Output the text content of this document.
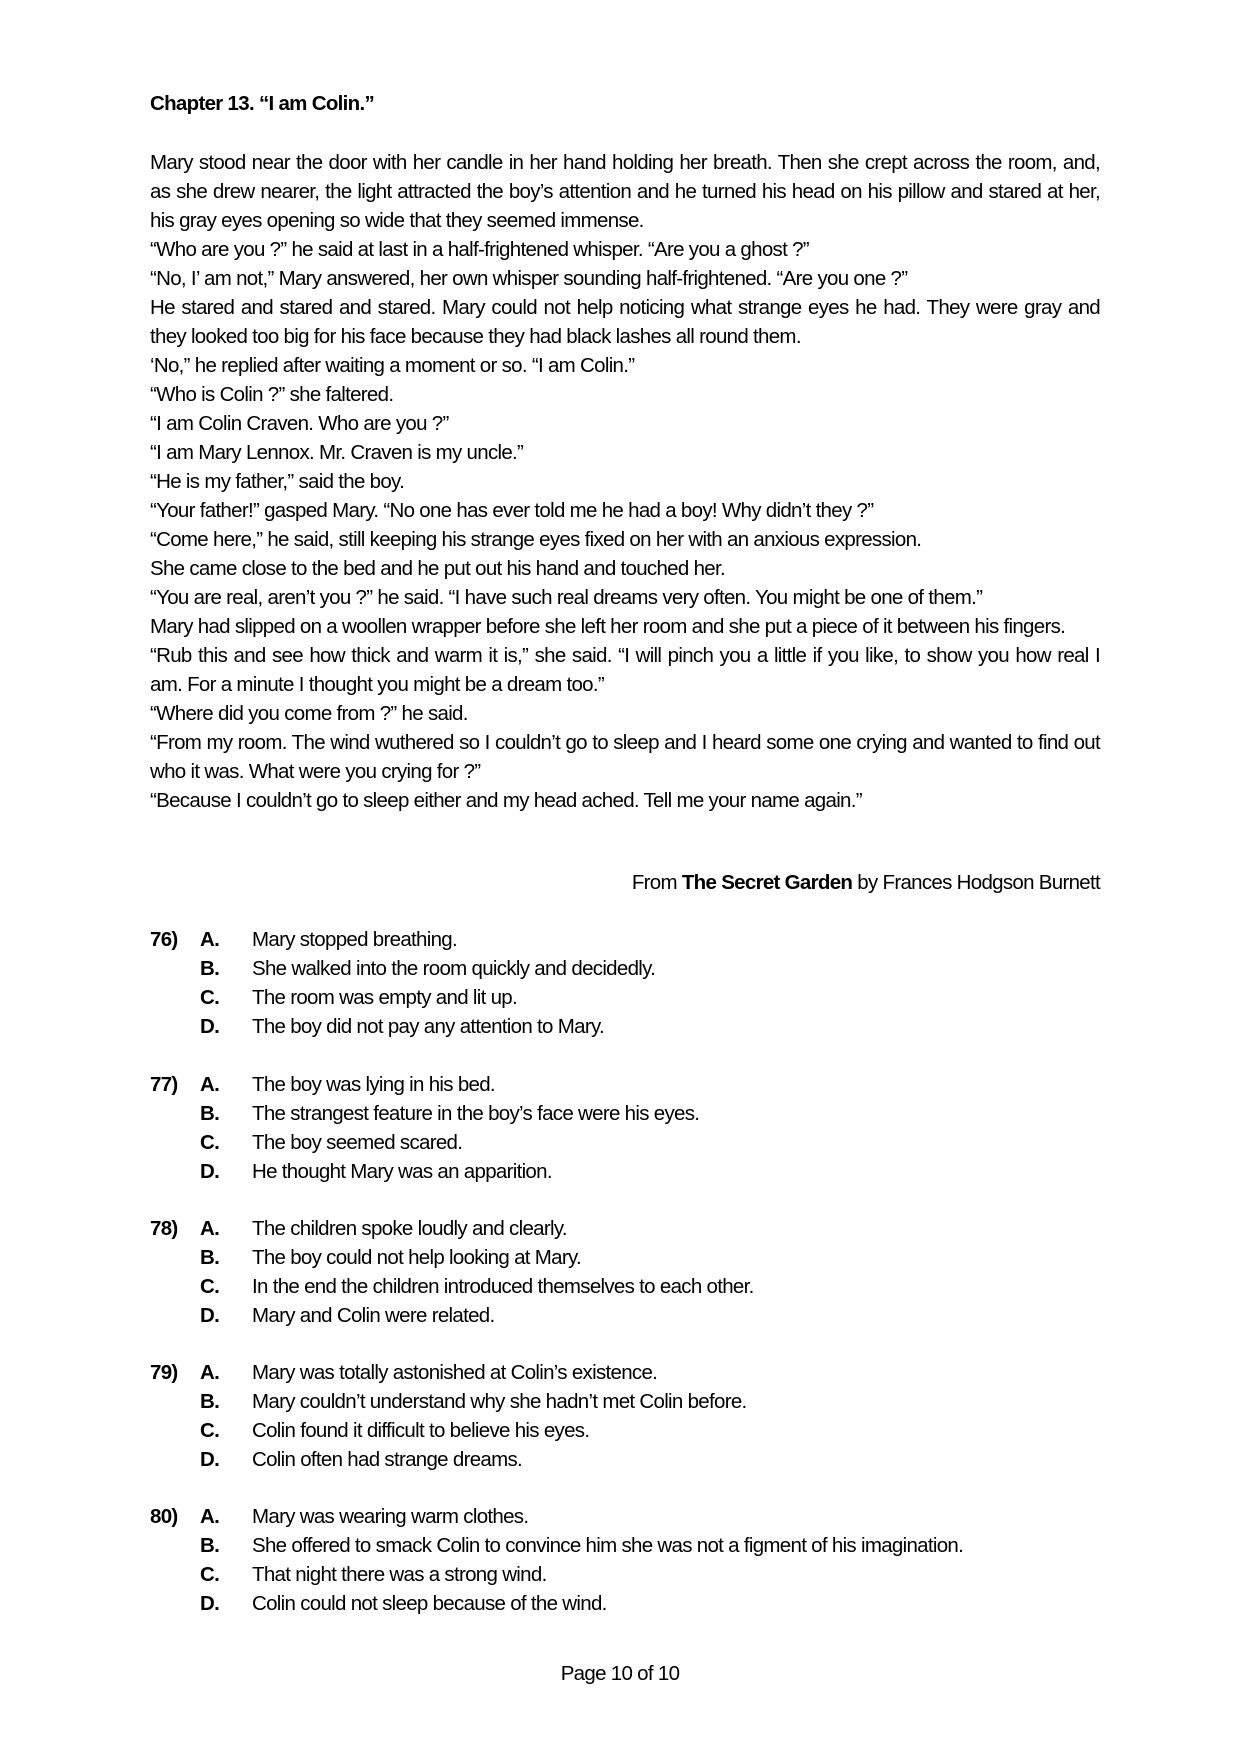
Chapter 13. “I am Colin.”

Mary stood near the door with her candle in her hand holding her breath. Then she crept across the room, and, as she drew nearer, the light attracted the boy’s attention and he turned his head on his pillow and stared at her, his gray eyes opening so wide that they seemed immense.

“Who are you ?” he said at last in a half-frightened whisper. “Are you a ghost ?”

“No, I’ am not,” Mary answered, her own whisper sounding half-frightened. “Are you one ?”

He stared and stared and stared. Mary could not help noticing what strange eyes he had. They were gray and they looked too big for his face because they had black lashes all round them.

‘No,” he replied after waiting a moment or so. “I am Colin.”

“Who is Colin ?” she faltered.

“I am Colin Craven. Who are you ?”

“I am Mary Lennox. Mr. Craven is my uncle.”

“He is my father,” said the boy.

“Your father!” gasped Mary. “No one has ever told me he had a boy! Why didn’t they ?”

“Come here,” he said, still keeping his strange eyes fixed on her with an anxious expression.

She came close to the bed and he put out his hand and touched her.

“You are real, aren’t you ?” he said. “I have such real dreams very often. You might be one of them.”

Mary had slipped on a woollen wrapper before she left her room and she put a piece of it between his fingers.

“Rub this and see how thick and warm it is,” she said. “I will pinch you a little if you like, to show you how real I am. For a minute I thought you might be a dream too.”

“Where did you come from ?” he said.

“From my room. The wind wuthered so I couldn’t go to sleep and I heard some one crying and wanted to find out who it was. What were you crying for ?”

“Because I couldn’t go to sleep either and my head ached. Tell me your name again.”

From The Secret Garden by Frances Hodgson Burnett
76)	A.	Mary stopped breathing.
B.	She walked into the room quickly and decidedly.
C.	The room was empty and lit up.
D.	The boy did not pay any attention to Mary.
77)	A.	The boy was lying in his bed.
B.	The strangest feature in the boy’s face were his eyes.
C.	The boy seemed scared.
D.	He thought Mary was an apparition.
78)	A.	The children spoke loudly and clearly.
B.	The boy could not help looking at Mary.
C.	In the end the children introduced themselves to each other.
D.	Mary and Colin were related.
79)	A.	Mary was totally astonished at Colin’s existence.
B.	Mary couldn’t understand why she hadn’t met Colin before.
C.	Colin found it difficult to believe his eyes.
D.	Colin often had strange dreams.
80)	A.	Mary was wearing warm clothes.
B.	She offered to smack Colin to convince him she was not a figment of his imagination.
C.	That night there was a strong wind.
D.	Colin could not sleep because of the wind.
Page 10 of 10
